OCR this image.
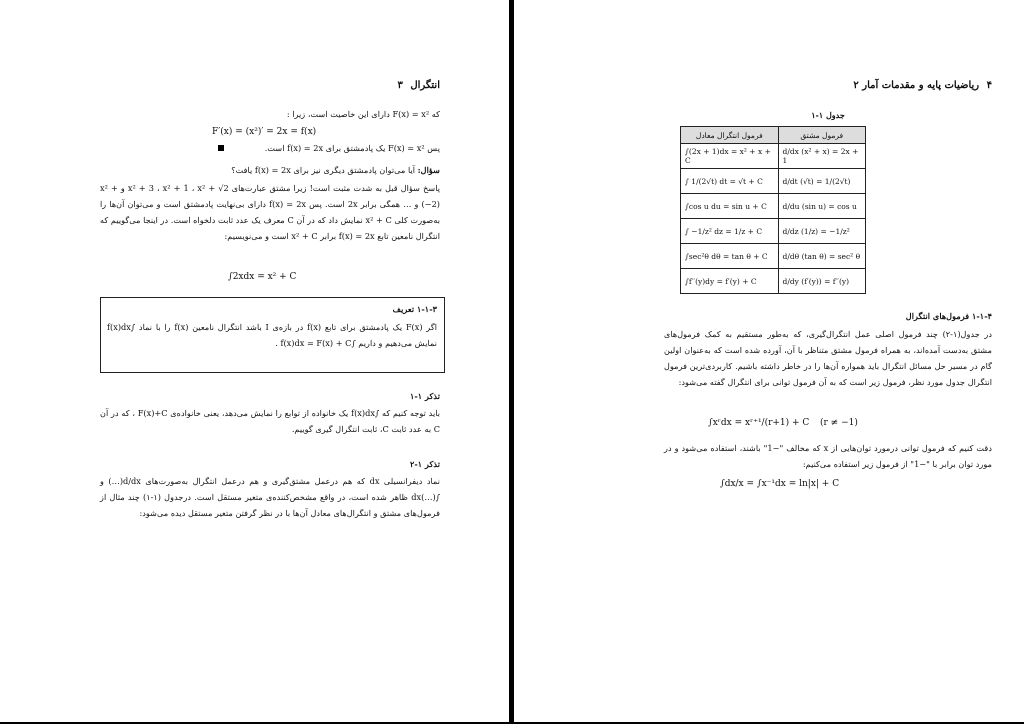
انتگرال ۳
که F(x) = x² دارای این خاصیت است، زیرا :
F′(x) = (x²)′ = 2x = f(x)
پس F(x) = x² یک پادمشتق برای f(x) = 2x است.
سؤال: آیا می‌توان پادمشتق دیگری نیز برای f(x) = 2x یافت؟
پاسخ سؤال قبل به شدت مثبت است! زیرا مشتق عبارت‌های x² + 3 ، x² + 1 ، x² + √2 و x² + (−2) و … همگی برابر 2x است. پس f(x) = 2x دارای بی‌نهایت پادمشتق است و می‌توان آن‌ها را به‌صورت کلی x² + C نمایش داد که در آن C معرف یک عدد ثابت دلخواه است. در اینجا می‌گوییم که انتگرال نامعین تابع f(x) = 2x برابر x² + C است و می‌نویسیم:
∫2xdx = x² + C
۱-۱-۳ تعریف
اگر F(x) یک پادمشتق برای تابع f(x) در بازه‌ی I باشد انتگرال نامعین f(x) را با نماد ∫f(x)dx نمایش می‌دهیم و داریم ∫f(x)dx = F(x) + C .
تذکر ۱-۱
باید توجه کنیم که ∫f(x)dx یک خانواده از توابع را نمایش می‌دهد، یعنی خانواده‌ی F(x)+C ، که در آن C به عدد ثابت C، ثابت انتگرال گیری گوییم.
تذکر ۱-۲
نماد دیفرانسیلی dx که هم درعمل مشتق‌گیری و هم درعمل انتگرال به‌صورت‌های d/dx(…) و ∫(…)dx ظاهر شده است، در واقع مشخص‌کننده‌ی متغیر مستقل است. درجدول (۱-۱) چند مثال از فرمول‌های مشتق و انتگرال‌های معادل آن‌ها با در نظر گرفتن متغیر مستقل دیده می‌شود:
۴ ریاضیات پایه و مقدمات آمار ۲
جدول ۱-۱
فرمول انتگرال معادل	فرمول مشتق
∫(2x + 1)dx = x² + x + C	d/dx (x² + x) = 2x + 1
∫ 1/(2√t) dt = √t + C	d/dt (√t) = 1/(2√t)
∫cos u du = sin u + C	d/du (sin u) = cos u
∫ −1/z² dz = 1/z + C	d/dz (1/z) = −1/z²
∫sec²θ dθ = tan θ + C	d/dθ (tan θ) = sec² θ
∫f′′(y)dy = f′(y) + C	d/dy (f′(y)) = f′′(y)
۱-۱-۴ فرمول‌های انتگرال
در جدول(۱-۲) چند فرمول اصلی عمل انتگرال‌گیری، که به‌طور مستقیم به کمک فرمول‌های مشتق به‌دست آمده‌اند، به همراه فرمول مشتق متناظر با آن، آورده شده است که به‌عنوان اولین گام در مسیر حل مسائل انتگرال باید همواره آن‌ها را در خاطر داشته باشیم. کاربردی‌ترین فرمول انتگرال جدول مورد نظر، فرمول زیر است که به آن فرمول توانی برای انتگرال گفته می‌شود:
∫xʳdx = xʳ⁺¹/(r+1) + C (r ≠ −1)
دقت کنیم که فرمول توانی درمورد توان‌هایی از x که مخالف "−1" باشند، استفاده می‌شود و در مورد توان برابر با "−1" از فرمول زیر استفاده می‌کنیم:
∫dx/x = ∫x⁻¹dx = ln|x| + C
